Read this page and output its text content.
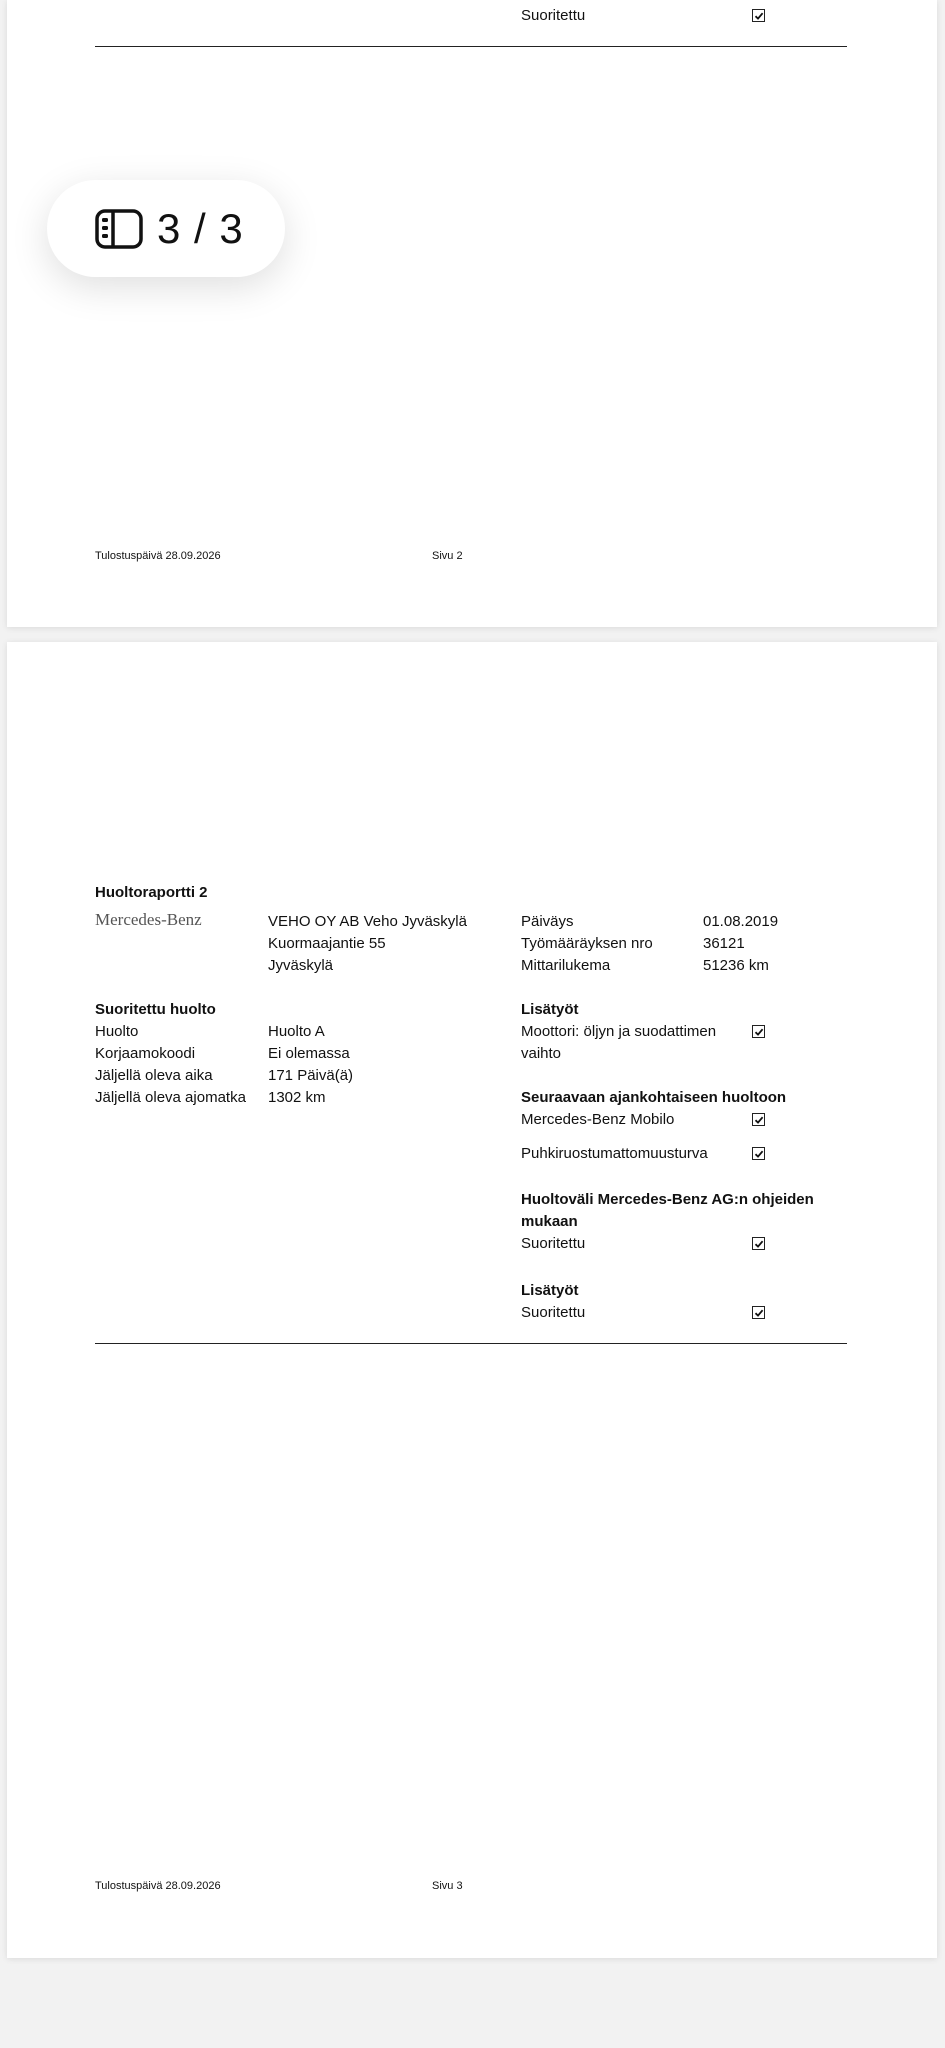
Suoritettu
Tulostuspäivä 28.09.2026	Sivu 2
3 / 3
Huoltoraportti 2
Mercedes-Benz	VEHO OY AB Veho Jyväskylä
Kuormaajantie 55
Jyväskylä
Päiväys	01.08.2019
Työmääräyksen nro	36121
Mittarilukema	51236 km
Suoritettu huolto
Huolto	Huolto A
Korjaamokoodi	Ei olemassa
Jäljellä oleva aika	171 Päivä(ä)
Jäljellä oleva ajomatka 1302 km
Lisätyöt
Moottori: öljyn ja suodattimen vaihto
Seuraavaan ajankohtaiseen huoltoon
Mercedes-Benz Mobilo
Puhkiruostumattomuusturva
Huoltoväli Mercedes-Benz AG:n ohjeiden mukaan
Suoritettu
Lisätyöt
Suoritettu
Tulostuspäivä 28.09.2026	Sivu 3
